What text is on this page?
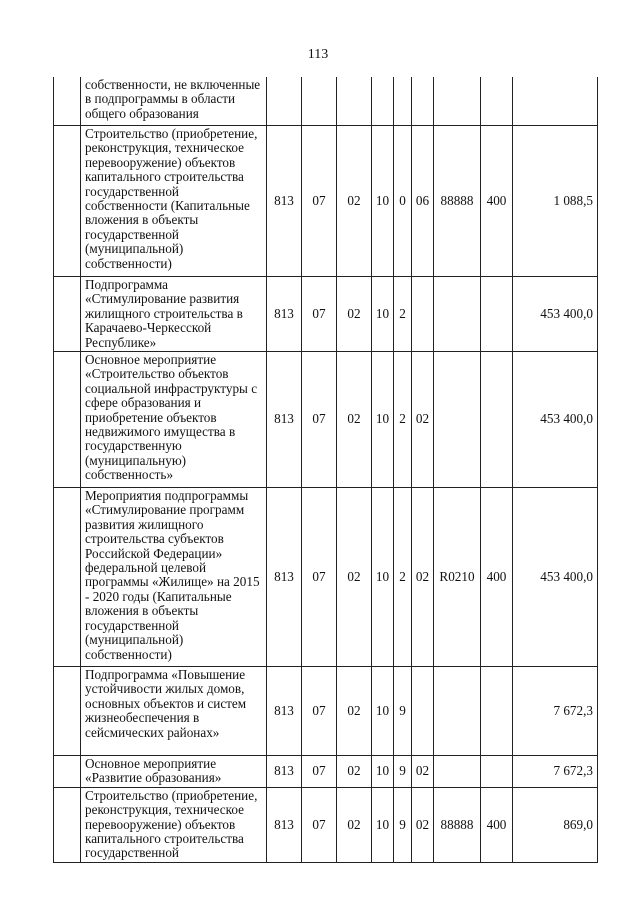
113
	собственности, не включенные в подпрограммы в области общего образования									
	Строительство (приобретение, реконструкция, техническое перевооружение) объектов капитального строительства государственной собственности (Капитальные вложения в объекты государственной (муниципальной) собственности)	813	07	02	10	0	06	88888	400	1 088,5
	Подпрограмма «Стимулирование развития жилищного строительства в Карачаево-Черкесской Республике»	813	07	02	10	2				453 400,0
	Основное мероприятие «Строительство объектов социальной инфраструктуры с сфере образования и приобретение объектов недвижимого имущества в государственную (муниципальную) собственность»	813	07	02	10	2	02			453 400,0
	Мероприятия подпрограммы «Стимулирование программ развития жилищного строительства субъектов Российской Федерации» федеральной целевой программы «Жилище» на 2015 - 2020 годы (Капитальные вложения в объекты государственной (муниципальной) собственности)	813	07	02	10	2	02	R0210	400	453 400,0
	Подпрограмма «Повышение устойчивости жилых домов, основных объектов и систем жизнеобеспечения в сейсмических районах»	813	07	02	10	9				7 672,3
	Основное мероприятие «Развитие образования»	813	07	02	10	9	02			7 672,3
	Строительство (приобретение, реконструкция, техническое перевооружение) объектов капитального строительства государственной	813	07	02	10	9	02	88888	400	869,0
